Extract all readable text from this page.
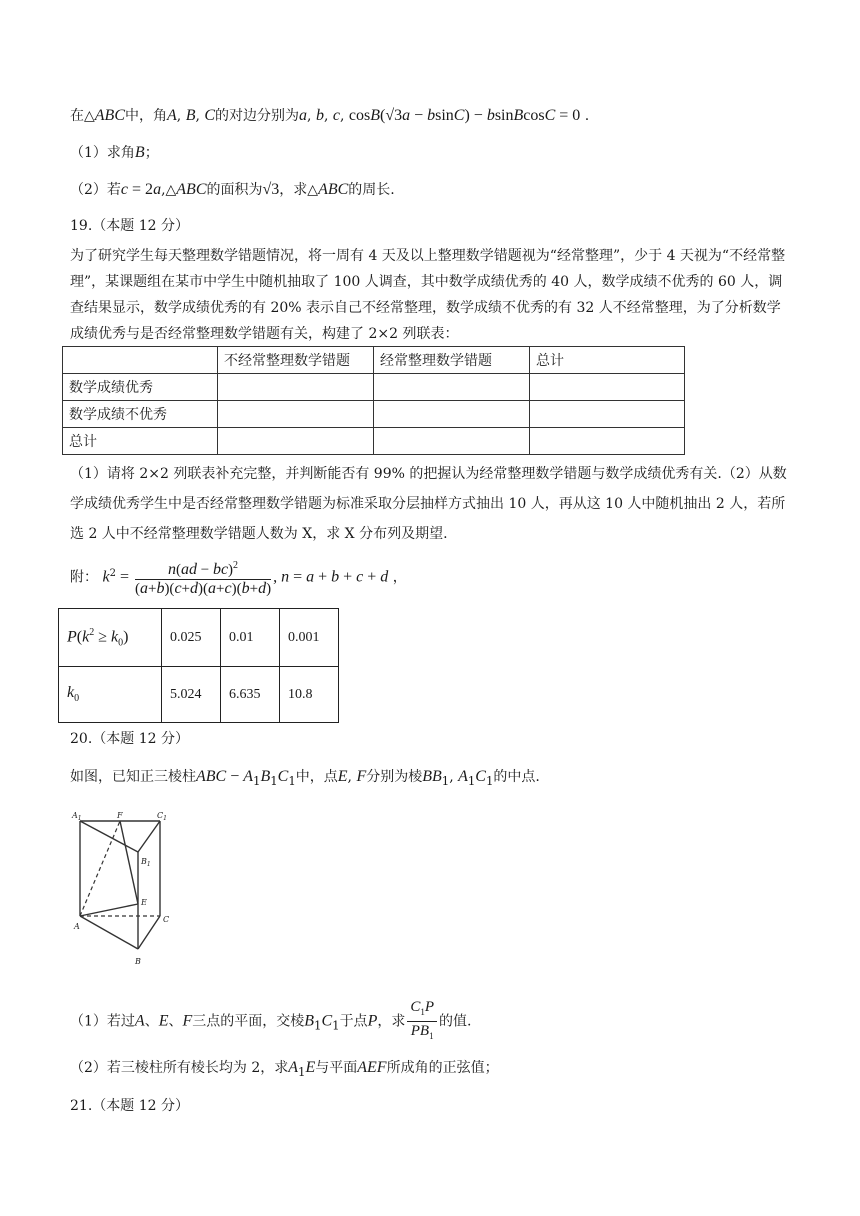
在△ABC中，角A, B, C的对边分别为a, b, c, cosB(√3a − bsinC) − bsinBcosC = 0 .
（1）求角B；
（2）若c = 2a,△ABC的面积为√3，求△ABC的周长.
19.（本题 12 分）
为了研究学生每天整理数学错题情况，将一周有 4 天及以上整理数学错题视为“经常整理”，少于 4 天视为“不经常整理”，某课题组在某市中学生中随机抽取了 100 人调查，其中数学成绩优秀的 40 人，数学成绩不优秀的 60 人，调查结果显示，数学成绩优秀的有 20% 表示自己不经常整理，数学成绩不优秀的有 32 人不经常整理，为了分析数学成绩优秀与是否经常整理数学错题有关，构建了 2×2 列联表：
	不经常整理数学错题	经常整理数学错题	总计
数学成绩优秀			
数学成绩不优秀			
总计			
（1）请将 2×2 列联表补充完整，并判断能否有 99% 的把握认为经常整理数学错题与数学成绩优秀有关.（2）从数学成绩优秀学生中是否经常整理数学错题为标准采取分层抽样方式抽出 10 人，再从这 10 人中随机抽出 2 人，若所选 2 人中不经常整理数学错题人数为 X，求 X 分布列及期望.
附： $k^2 = \frac{n(ad - bc)^2}{(a+b)(c+d)(a+c)(b+d)}$ , n = a + b + c + d ，
$P(k^2 \ge k_0)$	0.025	0.01	0.001
$k_0$	5.024	6.635	10.8
20.（本题 12 分）
如图，已知正三棱柱ABC − $A_1B_1C_1$中，点E, F分别为棱$BB_1$, $A_1C_1$的中点.
$A_1$	F	$C_1$
$B_1$
E
A
C
B
（1）若过A、E、F三点的平面，交棱$B_1C_1$于点P，求 $\frac{C_1P}{PB_1}$ 的值.
（2）若三棱柱所有棱长均为 2，求$A_1E$与平面AEF所成角的正弦值；
21.（本题 12 分）
